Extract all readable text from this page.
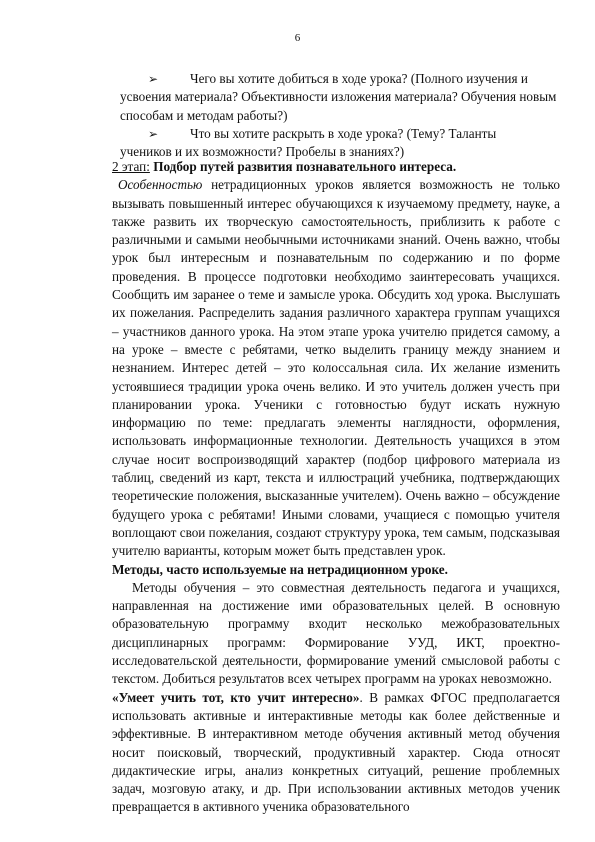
6
➢ Чего вы хотите добиться в ходе урока? (Полного изучения и
усвоения материала? Объективности изложения материала? Обучения новым способам и методам работы?)
➢ Что вы хотите раскрыть в ходе урока? (Тему? Таланты
учеников и их возможности? Пробелы в знаниях?)
2 этап: Подбор путей развития познавательного интереса.

Особенностью нетрадиционных уроков является возможность не только вызывать повышенный интерес обучающихся к изучаемому предмету, науке, а также развить их творческую самостоятельность, приблизить к работе с различными и самыми необычными источниками знаний. Очень важно, чтобы урок был интересным и познавательным по содержанию и по форме проведения. В процессе подготовки необходимо заинтересовать учащихся. Сообщить им заранее о теме и замысле урока. Обсудить ход урока. Выслушать их пожелания. Распределить задания различного характера группам учащихся – участников данного урока. На этом этапе урока учителю придется самому, а на уроке – вместе с ребятами, четко выделить границу между знанием и незнанием. Интерес детей – это колоссальная сила. Их желание изменить устоявшиеся традиции урока очень велико. И это учитель должен учесть при планировании урока. Ученики с готовностью будут искать нужную информацию по теме: предлагать элементы наглядности, оформления, использовать информационные технологии. Деятельность учащихся в этом случае носит воспроизводящий характер (подбор цифрового материала из таблиц, сведений из карт, текста и иллюстраций учебника, подтверждающих теоретические положения, высказанные учителем). Очень важно – обсуждение будущего урока с ребятами! Иными словами, учащиеся с помощью учителя воплощают свои пожелания, создают структуру урока, тем самым, подсказывая учителю варианты, которым может быть представлен урок.

Методы, часто используемые на нетрадиционном уроке.

Методы обучения – это совместная деятельность педагога и учащихся, направленная на достижение ими образовательных целей. В основную образовательную программу входит несколько межобразовательных дисциплинарных программ: Формирование УУД, ИКТ, проектно-исследовательской деятельности, формирование умений смысловой работы с текстом. Добиться результатов всех четырех программ на уроках невозможно.
«Умеет учить тот, кто учит интересно». В рамках ФГОС предполагается использовать активные и интерактивные методы как более действенные и эффективные. В интерактивном методе обучения активный метод обучения носит поисковый, творческий, продуктивный характер. Сюда относят дидактические игры, анализ конкретных ситуаций, решение проблемных задач, мозговую атаку, и др. При использовании активных методов ученик превращается в активного ученика образовательного
